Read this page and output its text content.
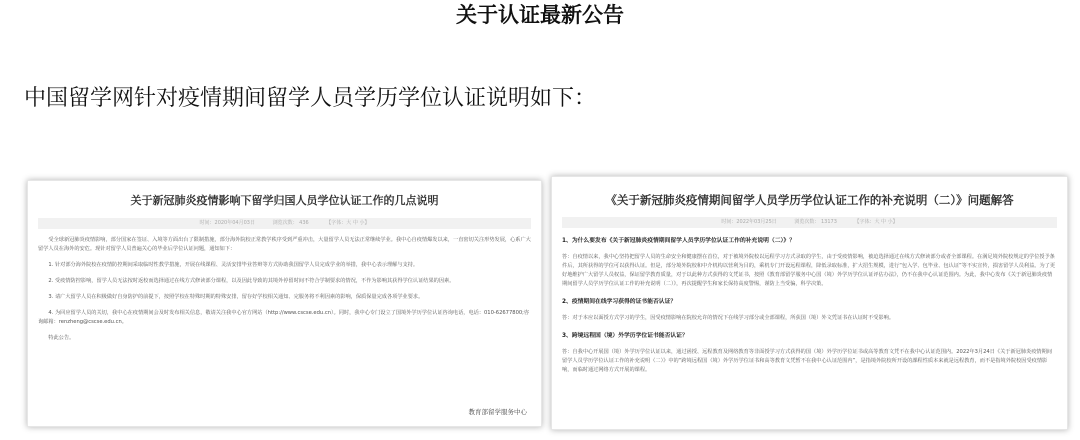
关于认证最新公告
中国留学网针对疫情期间留学人员学历学位认证说明如下：
关于新冠肺炎疫情影响下留学归国人员学位认证工作的几点说明
时间：2020年04月03日	浏览次数： 436	【字体：大 中 小】

受全球新冠肺炎疫情影响，部分国家在签证、入境等方面出台了限制措施，部分海外院校正常教学秩序受到严重冲击，大量留学人员无法正常继续学业。我中心自疫情爆发以来，一直密切关注形势发展，心系广大留学人员在海外的安危。现针对留学人员普遍关心的毕业后学位认证问题，通知如下：

1. 针对部分海外院校在疫情防控期间采取临时性教学措施，开展在线课程、灵活安排毕业答辩等方式协助我国留学人员完成学业的举措，我中心表示理解与支持。

2. 受疫情防控影响，留学人员无法按时返校而选择通过在线方式修读部分课程，以及因此导致的其境外停留时间不符合学制要求的情况，不作为影响其获得学位认证结果的因素。

3. 请广大留学人员在积极做好自身防护的前提下，按照学校在特殊时期的特殊安排，留存好学校相关通知、完服务将不利因素的影响，保质保量完成各项学业要求。

4. 为回应留学人员的关切，我中心在疫情期间会及时发布相关信息，敬请关注我中心官方网站（http://www.cscse.edu.cn）。同时，我中心专门设立了国境外学历学位认证咨询电话，电话：010-62677800;咨询邮箱：renzheng@cscse.edu.cn。

特此公告。

教育部留学服务中心
《关于新冠肺炎疫情期间留学人员学历学位认证工作的补充说明（二）》问题解答
时间：2022年03月25日	浏览次数： 13173	【字体：大 中 小】
1、为什么要发布《关于新冠肺炎疫情期间留学人员学历学位认证工作的补充说明（二）》？

答：自疫情以来，我中心坚持把留学人员的生命安全和健康摆在首位，对于被境外院校以远程学习方式录取的学生，由于受疫情影响，被迫选择通过在线方式修读部分或者全部课程。在满足境外院校规定的学位授予条件后，其所获得的学位可以获得认证。但是，部分境外院校和中介机构以营利为目的，乘机专门开设远程课程，降低录取标准，扩大招生规模，进行“包入学、包毕业、包认证”等不实宣传，损害留学人员利益。为了更好地维护广大留学人员权益，保证留学教育质量，对于以此种方式获得的文凭证书，按照《教育部留学服务中心国（境）外学历学位认证评估办法》，仍不在我中心认证范围内。为此，我中心发布《关于新冠肺炎疫情期间留学人员学历学位认证工作的补充说明（二）》，再次提醒学生和家长保持高度警惕，谨防上当受骗，科学决策。

2、疫情期间在线学习获得的证书能否认证？

答：对于本应以面授方式学习的学生，因受疫情影响在院校允许的情况下在线学习部分或全部课程，所获国（境）外文凭证书在认证时不受影响。

3、跨境远程国（境）外学历学位证书能否认证？

答：自我中心开展国（境）外学历学位认证以来，通过函授、远程教育及网络教育等非面授学习方式获得的国（境）外学历学位证书或高等教育文凭不在我中心认证范围内。2022年3月24日《关于新冠肺炎疫情期间留学人员学历学位认证工作的补充说明（二）》中的“跨境远程国（境）外学历学位证书和高等教育文凭暂不在我中心认证范围内”，是指境外院校所开设的課程性质本来就是远程教育，而不是指境外院校因受疫情影响，而临时通过网络方式开展的课程。
